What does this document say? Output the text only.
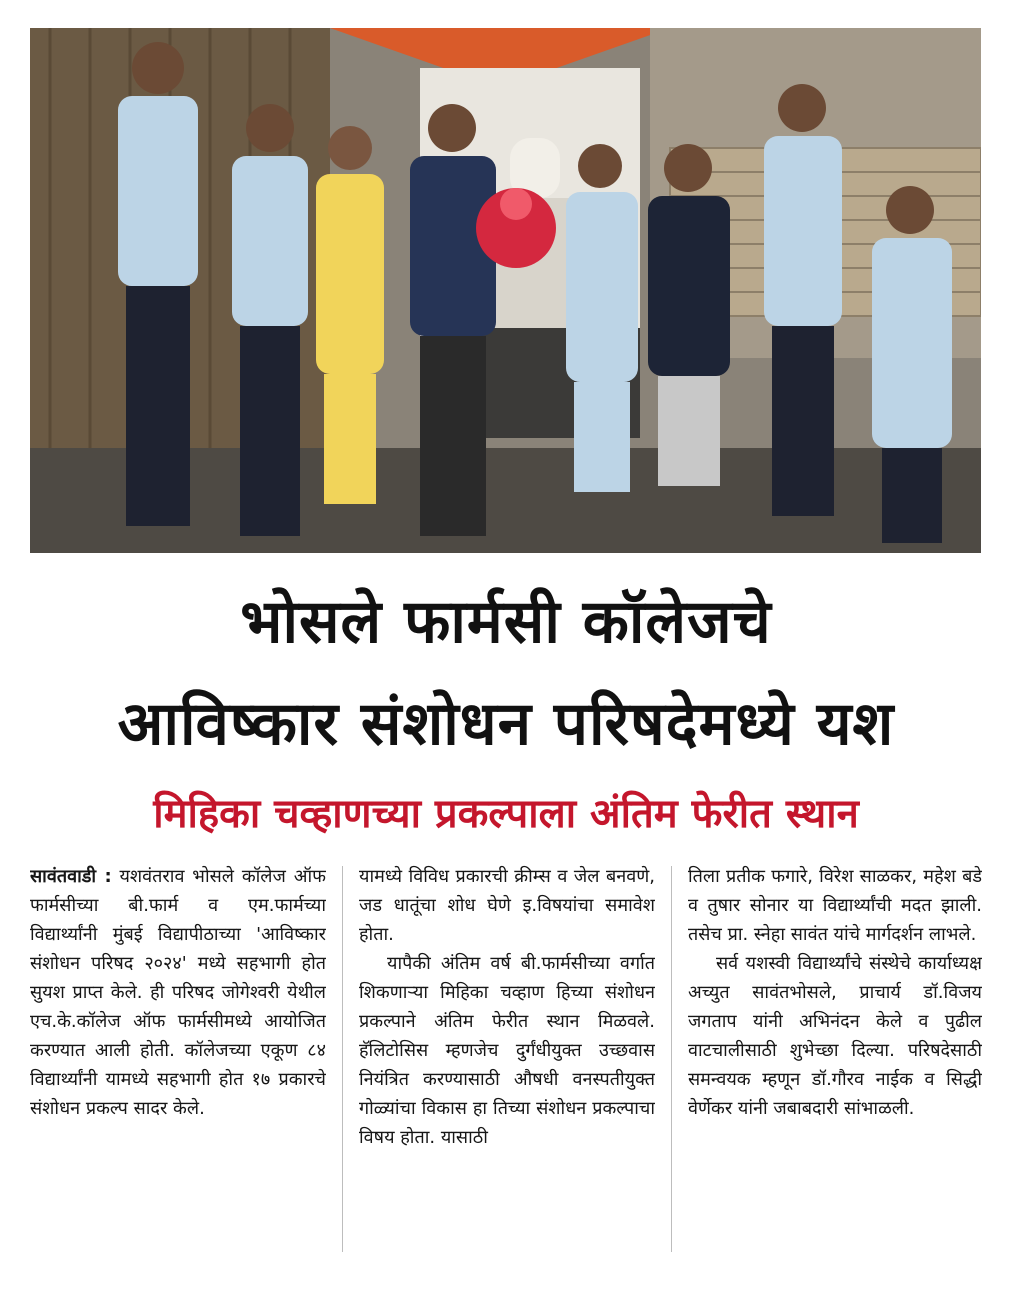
भोसले फार्मसी कॉलेजचे
आविष्कार संशोधन परिषदेमध्ये यश
मिहिका चव्हाणच्या प्रकल्पाला अंतिम फेरीत स्थान

सावंतवाडी : यशवंतराव भोसले कॉलेज ऑफ फार्मसीच्या बी.फार्म व एम.फार्मच्या विद्यार्थ्यांनी मुंबई विद्यापीठाच्या 'आविष्कार संशोधन परिषद २०२४' मध्ये सहभागी होत सुयश प्राप्त केले. ही परिषद जोगेश्वरी येथील एच.के.कॉलेज ऑफ फार्मसीमध्ये आयोजित करण्यात आली होती. कॉलेजच्या एकूण ८४ विद्यार्थ्यांनी यामध्ये सहभागी होत १७ प्रकारचे संशोधन प्रकल्प सादर केले.

यामध्ये विविध प्रकारची क्रीम्स व जेल बनवणे, जड धातूंचा शोध घेणे इ.विषयांचा समावेश होता.

यापैकी अंतिम वर्ष बी.फार्मसीच्या वर्गात शिकणाऱ्या मिहिका चव्हाण हिच्या संशोधन प्रकल्पाने अंतिम फेरीत स्थान मिळवले. हॅलिटोसिस म्हणजेच दुर्गंधीयुक्त उच्छवास नियंत्रित करण्यासाठी औषधी वनस्पतीयुक्त गोळ्यांचा विकास हा तिच्या संशोधन प्रकल्पाचा विषय होता. यासाठी

तिला प्रतीक फगारे, विरेश साळकर, महेश बडे व तुषार सोनार या विद्यार्थ्यांची मदत झाली. तसेच प्रा. स्नेहा सावंत यांचे मार्गदर्शन लाभले.

सर्व यशस्वी विद्यार्थ्यांचे संस्थेचे कार्याध्यक्ष अच्युत सावंतभोसले, प्राचार्य डॉ.विजय जगताप यांनी अभिनंदन केले व पुढील वाटचालीसाठी शुभेच्छा दिल्या. परिषदेसाठी समन्वयक म्हणून डॉ.गौरव नाईक व सिद्धी वेर्णेकर यांनी जबाबदारी सांभाळली.
